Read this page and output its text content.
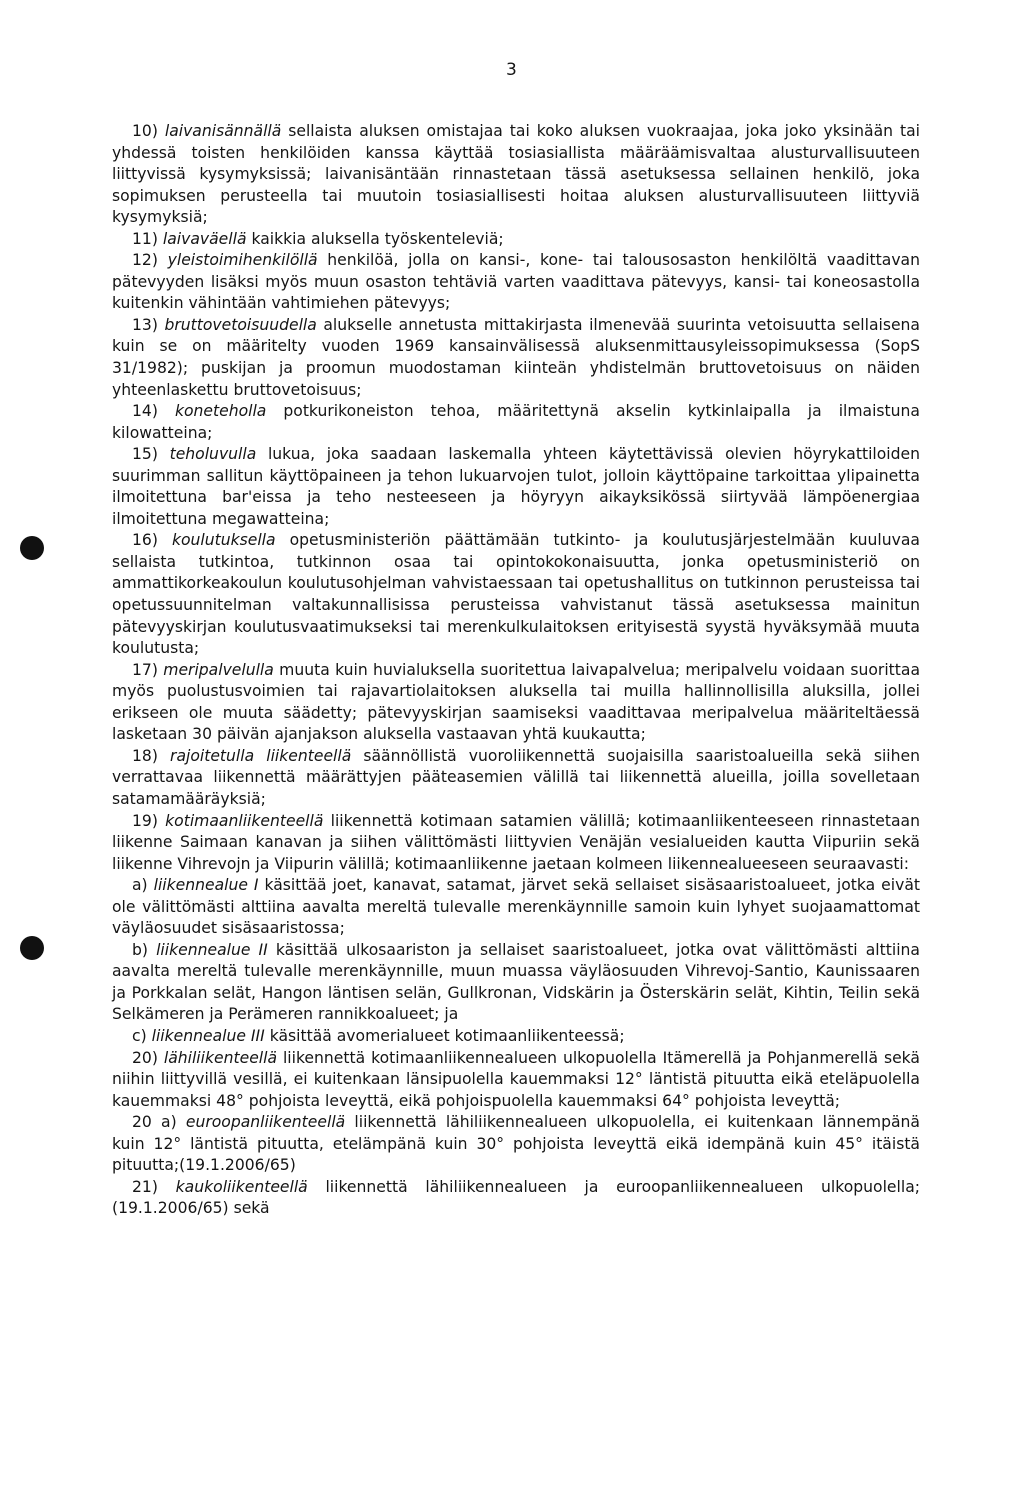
3

10) laivanisännällä sellaista aluksen omistajaa tai koko aluksen vuokraajaa, joka joko yksinään tai yhdessä toisten henkilöiden kanssa käyttää tosiasiallista määräämisvaltaa alusturvallisuuteen liittyvissä kysymyksissä; laivanisäntään rinnastetaan tässä asetuksessa sellainen henkilö, joka sopimuksen perusteella tai muutoin tosiasiallisesti hoitaa aluksen alusturvallisuuteen liittyviä kysymyksiä;

11) laivaväellä kaikkia aluksella työskenteleviä;

12) yleistoimihenkilöllä henkilöä, jolla on kansi-, kone- tai talousosaston henkilöltä vaadittavan pätevyyden lisäksi myös muun osaston tehtäviä varten vaadittava pätevyys, kansi- tai koneosastolla kuitenkin vähintään vahtimiehen pätevyys;

13) bruttovetoisuudella alukselle annetusta mittakirjasta ilmenevää suurinta vetoisuutta sellaisena kuin se on määritelty vuoden 1969 kansainvälisessä aluksenmittausyleissopimuksessa (SopS 31/1982); puskijan ja proomun muodostaman kiinteän yhdistelmän bruttovetoisuus on näiden yhteenlaskettu bruttovetoisuus;

14) koneteholla potkurikoneiston tehoa, määritettynä akselin kytkinlaipalla ja ilmaistuna kilowatteina;

15) teholuvulla lukua, joka saadaan laskemalla yhteen käytettävissä olevien höyrykattiloiden suurimman sallitun käyttöpaineen ja tehon lukuarvojen tulot, jolloin käyttöpaine tarkoittaa ylipainetta ilmoitettuna bar'eissa ja teho nesteeseen ja höyryyn aikayksikössä siirtyvää lämpöenergiaa ilmoitettuna megawatteina;

16) koulutuksella opetusministeriön päättämään tutkinto- ja koulutusjärjestelmään kuuluvaa sellaista tutkintoa, tutkinnon osaa tai opintokokonaisuutta, jonka opetusministeriö on ammattikorkeakoulun koulutusohjelman vahvistaessaan tai opetushallitus on tutkinnon perusteissa tai opetussuunnitelman valtakunnallisissa perusteissa vahvistanut tässä asetuksessa mainitun pätevyyskirjan koulutusvaatimukseksi tai merenkulkulaitoksen erityisestä syystä hyväksymää muuta koulutusta;

17) meripalvelulla muuta kuin huvialuksella suoritettua laivapalvelua; meripalvelu voidaan suorittaa myös puolustusvoimien tai rajavartiolaitoksen aluksella tai muilla hallinnollisilla aluksilla, jollei erikseen ole muuta säädetty; pätevyyskirjan saamiseksi vaadittavaa meripalvelua määriteltäessä lasketaan 30 päivän ajanjakson aluksella vastaavan yhtä kuukautta;

18) rajoitetulla liikenteellä säännöllistä vuoroliikennettä suojaisilla saaristoalueilla sekä siihen verrattavaa liikennettä määrättyjen pääteasemien välillä tai liikennettä alueilla, joilla sovelletaan satamamääräyksiä;

19) kotimaanliikenteellä liikennettä kotimaan satamien välillä; kotimaanliikenteeseen rinnastetaan liikenne Saimaan kanavan ja siihen välittömästi liittyvien Venäjän vesialueiden kautta Viipuriin sekä liikenne Vihrevojn ja Viipurin välillä; kotimaanliikenne jaetaan kolmeen liikennealueeseen seuraavasti:

a) liikennealue I käsittää joet, kanavat, satamat, järvet sekä sellaiset sisäsaaristoalueet, jotka eivät ole välittömästi alttiina aavalta mereltä tulevalle merenkäynnille samoin kuin lyhyet suojaamattomat väyläosuudet sisäsaaristossa;

b) liikennealue II käsittää ulkosaariston ja sellaiset saaristoalueet, jotka ovat välittömästi alttiina aavalta mereltä tulevalle merenkäynnille, muun muassa väyläosuuden Vihrevoj-Santio, Kaunissaaren ja Porkkalan selät, Hangon läntisen selän, Gullkronan, Vidskärin ja Österskärin selät, Kihtin, Teilin sekä Selkämeren ja Perämeren rannikkoalueet; ja

c) liikennealue III käsittää avomerialueet kotimaanliikenteessä;

20) lähiliikenteellä liikennettä kotimaanliikennealueen ulkopuolella Itämerellä ja Pohjanmerellä sekä niihin liittyvillä vesillä, ei kuitenkaan länsipuolella kauemmaksi 12° läntistä pituutta eikä eteläpuolella kauemmaksi 48° pohjoista leveyttä, eikä pohjoispuolella kauemmaksi 64° pohjoista leveyttä;

20 a) euroopanliikenteellä liikennettä lähiliikennealueen ulkopuolella, ei kuitenkaan lännempänä kuin 12° läntistä pituutta, etelämpänä kuin 30° pohjoista leveyttä eikä idempänä kuin 45° itäistä pituutta;(19.1.2006/65)

21) kaukoliikenteellä liikennettä lähiliikennealueen ja euroopanliikennealueen ulkopuolella; (19.1.2006/65) sekä
